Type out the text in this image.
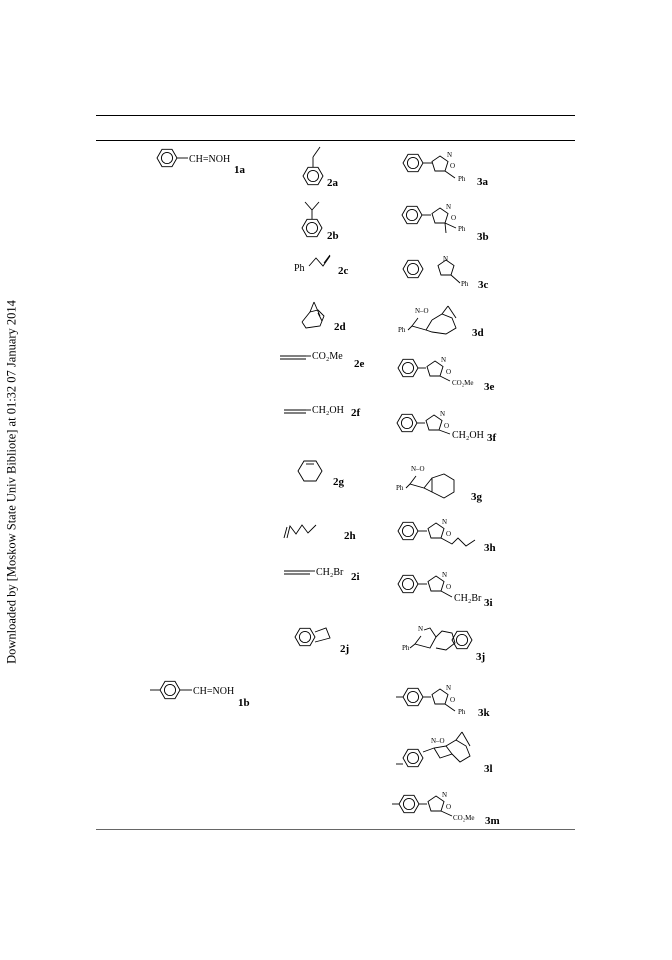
Downloaded by [Moskow State Univ Bibliote] at 01:32 07 January 2014
CH=NOH
1a
CH=NOH
1b
2a
2b
Ph	2c
2d
CO₂Me
2e
CH₂OH 2f
2g
2h
CH₂Br 2i
2j
N
O
Ph 3a
N
O
Ph
3b
N
Ph 3c
N–O
Ph	3d
N
O
CO₂Me 3e
N
O
CH₂OH 3f
N–O
Ph
3g
N
O
3h
N
O
CH₂Br 3i
N
Ph
3j
N
O
Ph 3k
N–O
3l
N
O
CO₂Me 3m
